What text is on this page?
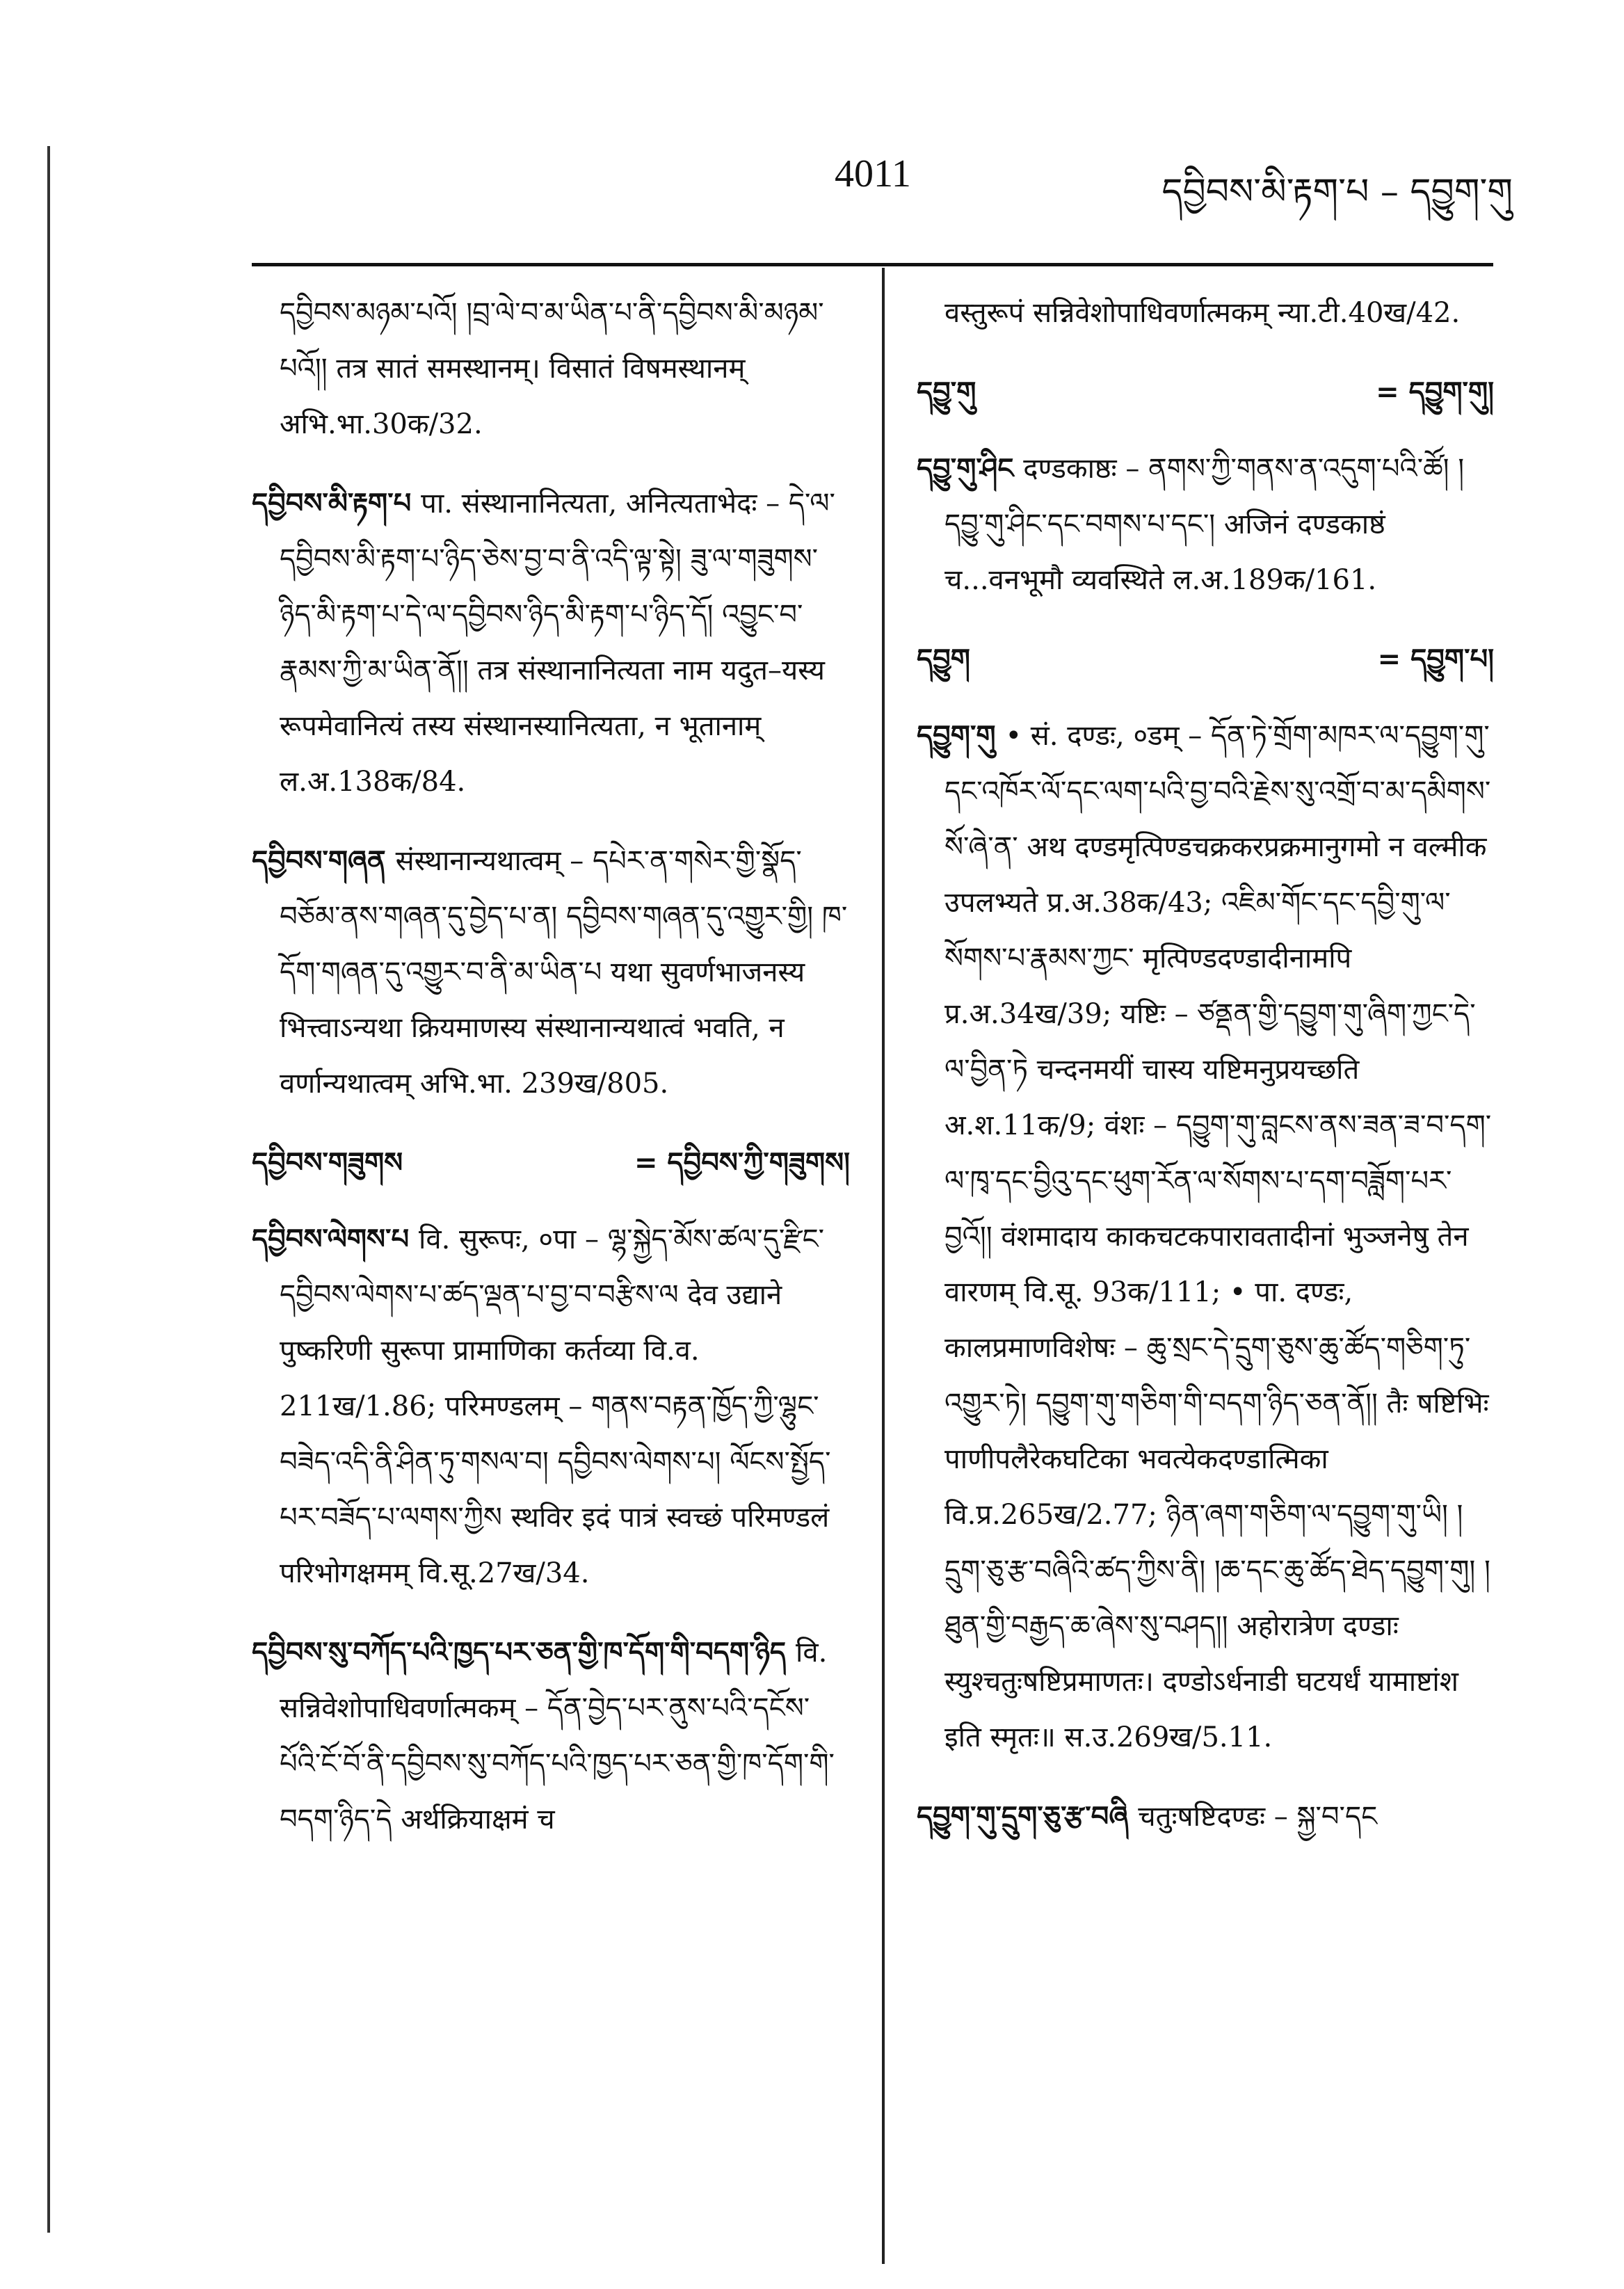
4011	དབྱིབས་མི་རྟག་པ – དབྱུག་གུ

དབྱིབས་མཉམ་པའོ། །བྲ་ལེ་བ་མ་ཡིན་པ་ནི་དབྱིབས་མི་མཉམ་པའོ།། तत्र सातं समस्थानम्। विसातं विषमस्थानम् अभि.भा.30क/32.

དབྱིབས་མི་རྟག་པ पा. संस्थानानित्यता, अनित्यताभेदः – དེ་ལ་དབྱིབས་མི་རྟག་པ་ཉིད་ཅེས་བྱ་བ་ནི་འདི་ལྟ་སྟེ། ཟུ་ལ་གཟུགས་ཉིད་མི་རྟག་པ་དེ་ལ་དབྱིབས་ཉིད་མི་རྟག་པ་ཉིད་དོ། འབྱུང་བ་རྣམས་ཀྱི་མ་ཡིན་ནོ།། तत्र संस्थानानित्यता नाम यदुत–यस्य रूपमेवानित्यं तस्य संस्थानस्यानित्यता, न भूतानाम् ल.अ.138क/84.

དབྱིབས་གཞན संस्थानान्यथात्वम् – དཔེར་ན་གསེར་གྱི་སྣོད་བཅོམ་ནས་གཞན་དུ་བྱེད་པ་ན། དབྱིབས་གཞན་དུ་འགྱུར་གྱི། ཁ་དོག་གཞན་དུ་འགྱུར་བ་ནི་མ་ཡིན་པ यथा सुवर्णभाजनस्य भित्त्वाऽन्यथा क्रियमाणस्य संस्थानान्यथात्वं भवति, न वर्णान्यथात्वम् अभि.भा. 239ख/805.

དབྱིབས་གཟུགས	= དབྱིབས་ཀྱི་གཟུགས།

དབྱིབས་ལེགས་པ वि. सुरूपः, ०पा – ལྷ་སྐྱེད་མོས་ཚལ་དུ་རྫིང་དབྱིབས་ལེགས་པ་ཚད་ལྡན་པ་བྱ་བ་བརྩིས་ལ देव उद्याने पुष्करिणी सुरूपा प्रामाणिका कर्तव्या वि.व. 211ख/1.86; परिमण्डलम् – གནས་བརྟན་ཁྱོད་ཀྱི་ལྷུང་བཟེད་འདི་ནི་ཤིན་ཏུ་གསལ་བ། དབྱིབས་ལེགས་པ། ལོངས་སྤྱོད་པར་བཟོད་པ་ལགས་ཀྱིས स्थविर इदं पात्रं स्वच्छं परिमण्डलं परिभोगक्षमम् वि.सू.27ख/34.

དབྱིབས་སུ་བཀོད་པའི་ཁྱད་པར་ཅན་གྱི་ཁ་དོག་གི་བདག་ཉིད वि. सन्निवेशोपाधिवर्णात्मकम् – དོན་བྱེད་པར་ནུས་པའི་དངོས་པོའི་ངོ་བོ་ནི་དབྱིབས་སུ་བཀོད་པའི་ཁྱད་པར་ཅན་གྱི་ཁ་དོག་གི་བདག་ཉིད་དེ अर्थक्रियाक्षमं च

वस्तुरूपं सन्निवेशोपाधिवर्णात्मकम् न्या.टी.40ख/42.

དབྱུ་གུ	= དབྱུག་གུ།

དབྱུ་གུ་ཤིང दण्डकाष्ठः – ནགས་ཀྱི་གནས་ན་འདུག་པའི་ཚོ། །དབྱུ་གུ་ཤིང་དང་བགས་པ་དང་། अजिनं दण्डकाष्ठं च...वनभूमौ व्यवस्थिते ल.अ.189क/161.

དབྱུག	= དབྱུག་པ།

དབྱུག་གུ • सं. दण्डः, ०डम् – དོན་ཏེ་གྲོག་མཁར་ལ་དབྱུག་གུ་དང་འཁོར་ལོ་དང་ལག་པའི་བྱ་བའི་རྗེས་སུ་འགྲོ་བ་མ་དམིགས་སོ་ཞེ་ན་ अथ दण्डमृत्पिण्डचक्रकरप्रक्रमानुगमो न वल्मीक उपलभ्यते प्र.अ.38क/43; འཇིམ་གོང་དང་དབྱི་གུ་ལ་སོགས་པ་རྣམས་ཀྱང་ मृत्पिण्डदण्डादीनामपि प्र.अ.34ख/39; यष्टिः – ཙནྡན་གྱི་དབྱུག་གུ་ཞིག་ཀྱང་དེ་ལ་བྱིན་ཏེ चन्दनमयीं चास्य यष्टिमनुप्रयच्छति अ.श.11क/9; वंशः – དབྱུག་གུ་བླངས་ནས་ཟན་ཟ་བ་དག་ལ་ཁྭ་དང་བྱིའུ་དང་ཕུག་རོན་ལ་སོགས་པ་དག་བཟློག་པར་བྱའོ།། वंशमादाय काकचटकपारावतादीनां भुञ्जनेषु तेन वारणम् वि.सू. 93क/111; • पा. दण्डः, कालप्रमाणविशेषः – ཆུ་སྲང་དེ་དྲུག་ཅུས་ཆུ་ཚོད་གཅིག་ཏུ་འགྱུར་ཏེ། དབྱུག་གུ་གཅིག་གི་བདག་ཉིད་ཅན་ནོ།། तैः षष्टिभिः पाणीपलैरेकघटिका भवत्येकदण्डात्मिका वि.प्र.265ख/2.77; ཉིན་ཞག་གཅིག་ལ་དབྱུག་གུ་ཡི། །དྲུག་ཅུ་རྩ་བཞིའི་ཚད་ཀྱིས་ནི། །ཆ་དང་ཆུ་ཚོད་ཐེད་དབྱུག་གུ། །ཐུན་གྱི་བརྒྱད་ཆ་ཞེས་སུ་བཤད།། अहोरात्रेण दण्डाः स्युश्चतुःषष्टिप्रमाणतः। दण्डोऽर्धनाडी घटयर्धं यामाष्टांश इति स्मृतः॥ स.उ.269ख/5.11.

དབྱུག་གུ་དྲུག་ཅུ་རྩ་བཞི चतुःषष्टिदण्डः – སྐྱ་བ་དང
